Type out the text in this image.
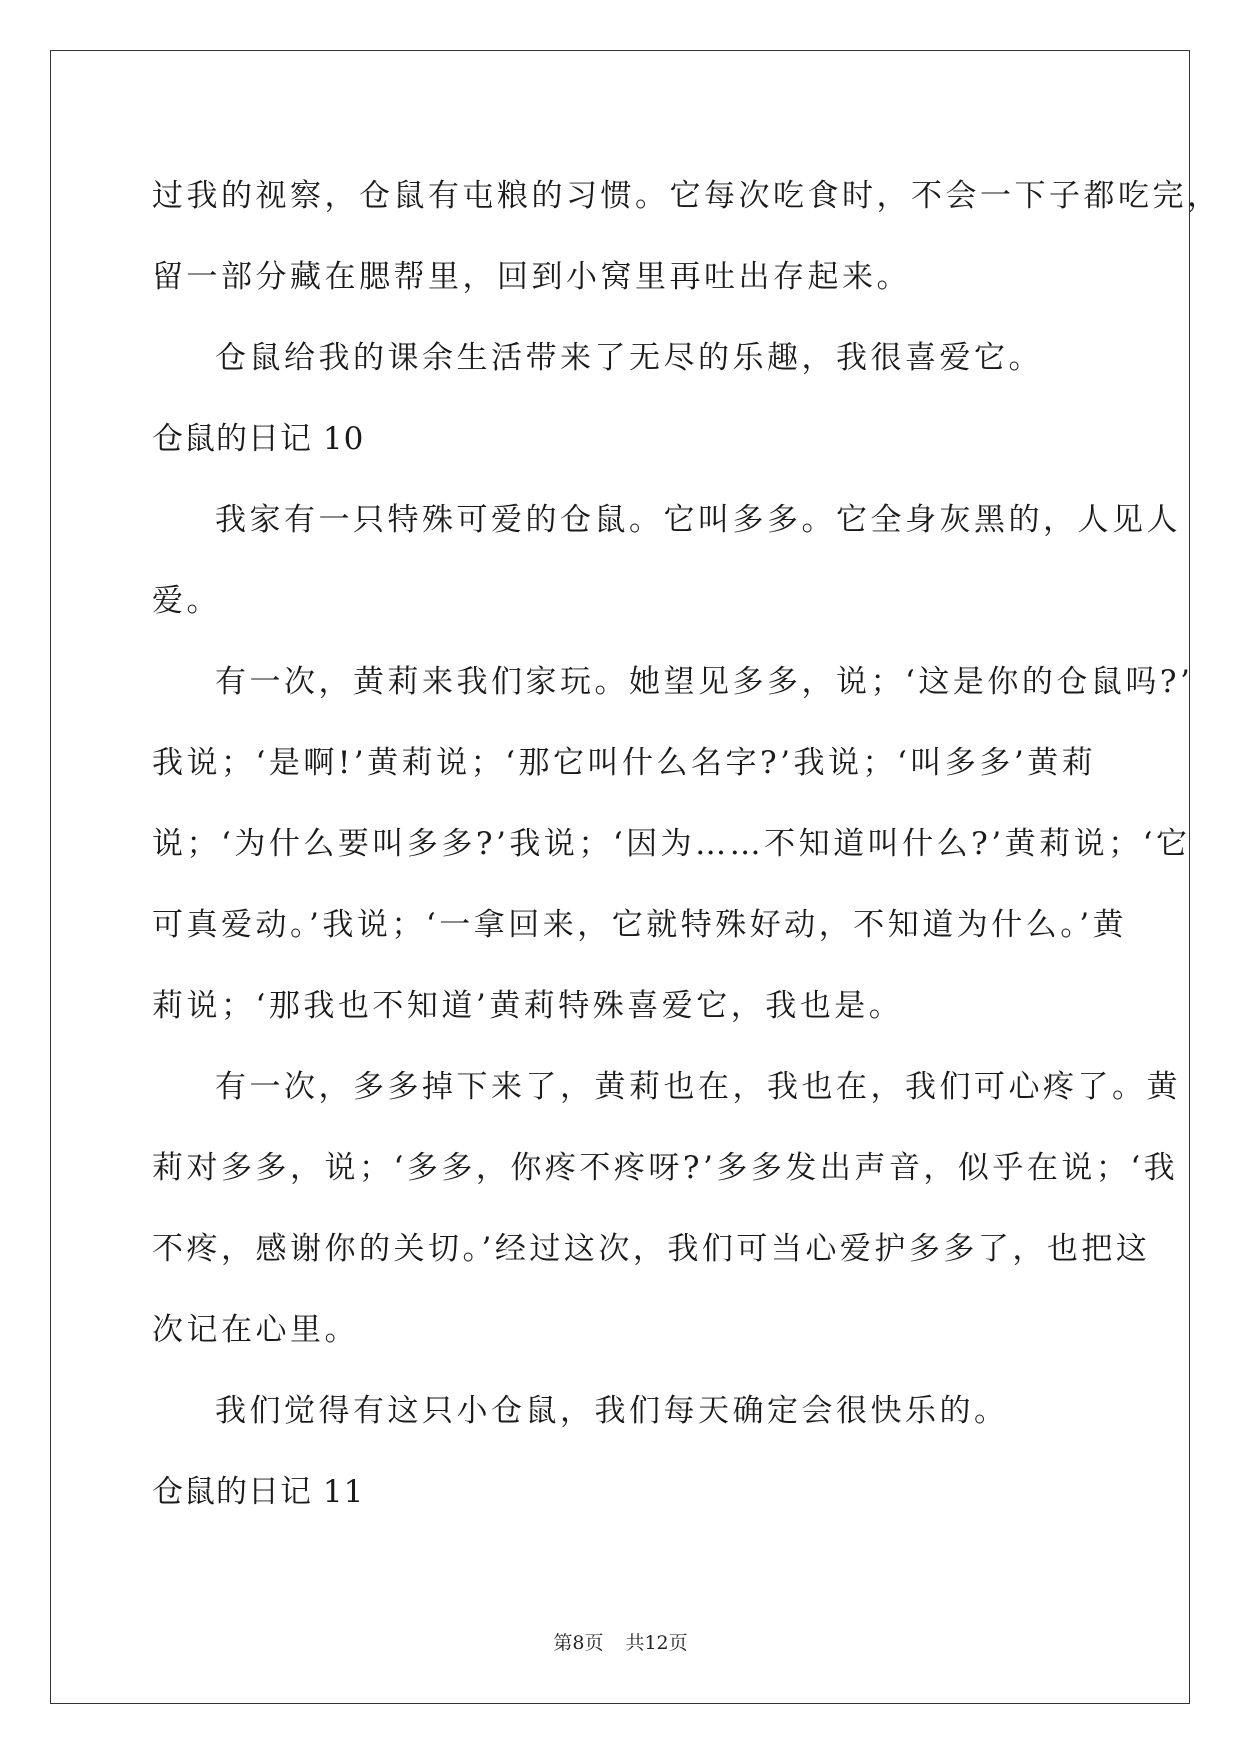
过我的视察，仓鼠有屯粮的习惯。它每次吃食时，不会一下子都吃完，
留一部分藏在腮帮里，回到小窝里再吐出存起来。
仓鼠给我的课余生活带来了无尽的乐趣，我很喜爱它。
仓鼠的日记 10
我家有一只特殊可爱的仓鼠。它叫多多。它全身灰黑的，人见人
爱。
有一次，黄莉来我们家玩。她望见多多，说；‘这是你的仓鼠吗?’
我说；‘是啊!’黄莉说；‘那它叫什么名字?’我说；‘叫多多’黄莉
说；‘为什么要叫多多?’我说；‘因为……不知道叫什么?’黄莉说；‘它
可真爱动。’我说；‘一拿回来，它就特殊好动，不知道为什么。’黄
莉说；‘那我也不知道’黄莉特殊喜爱它，我也是。
有一次，多多掉下来了，黄莉也在，我也在，我们可心疼了。黄
莉对多多，说；‘多多，你疼不疼呀?’多多发出声音，似乎在说；‘我
不疼，感谢你的关切。’经过这次，我们可当心爱护多多了，也把这
次记在心里。
我们觉得有这只小仓鼠，我们每天确定会很快乐的。
仓鼠的日记 11
第8页 共12页
